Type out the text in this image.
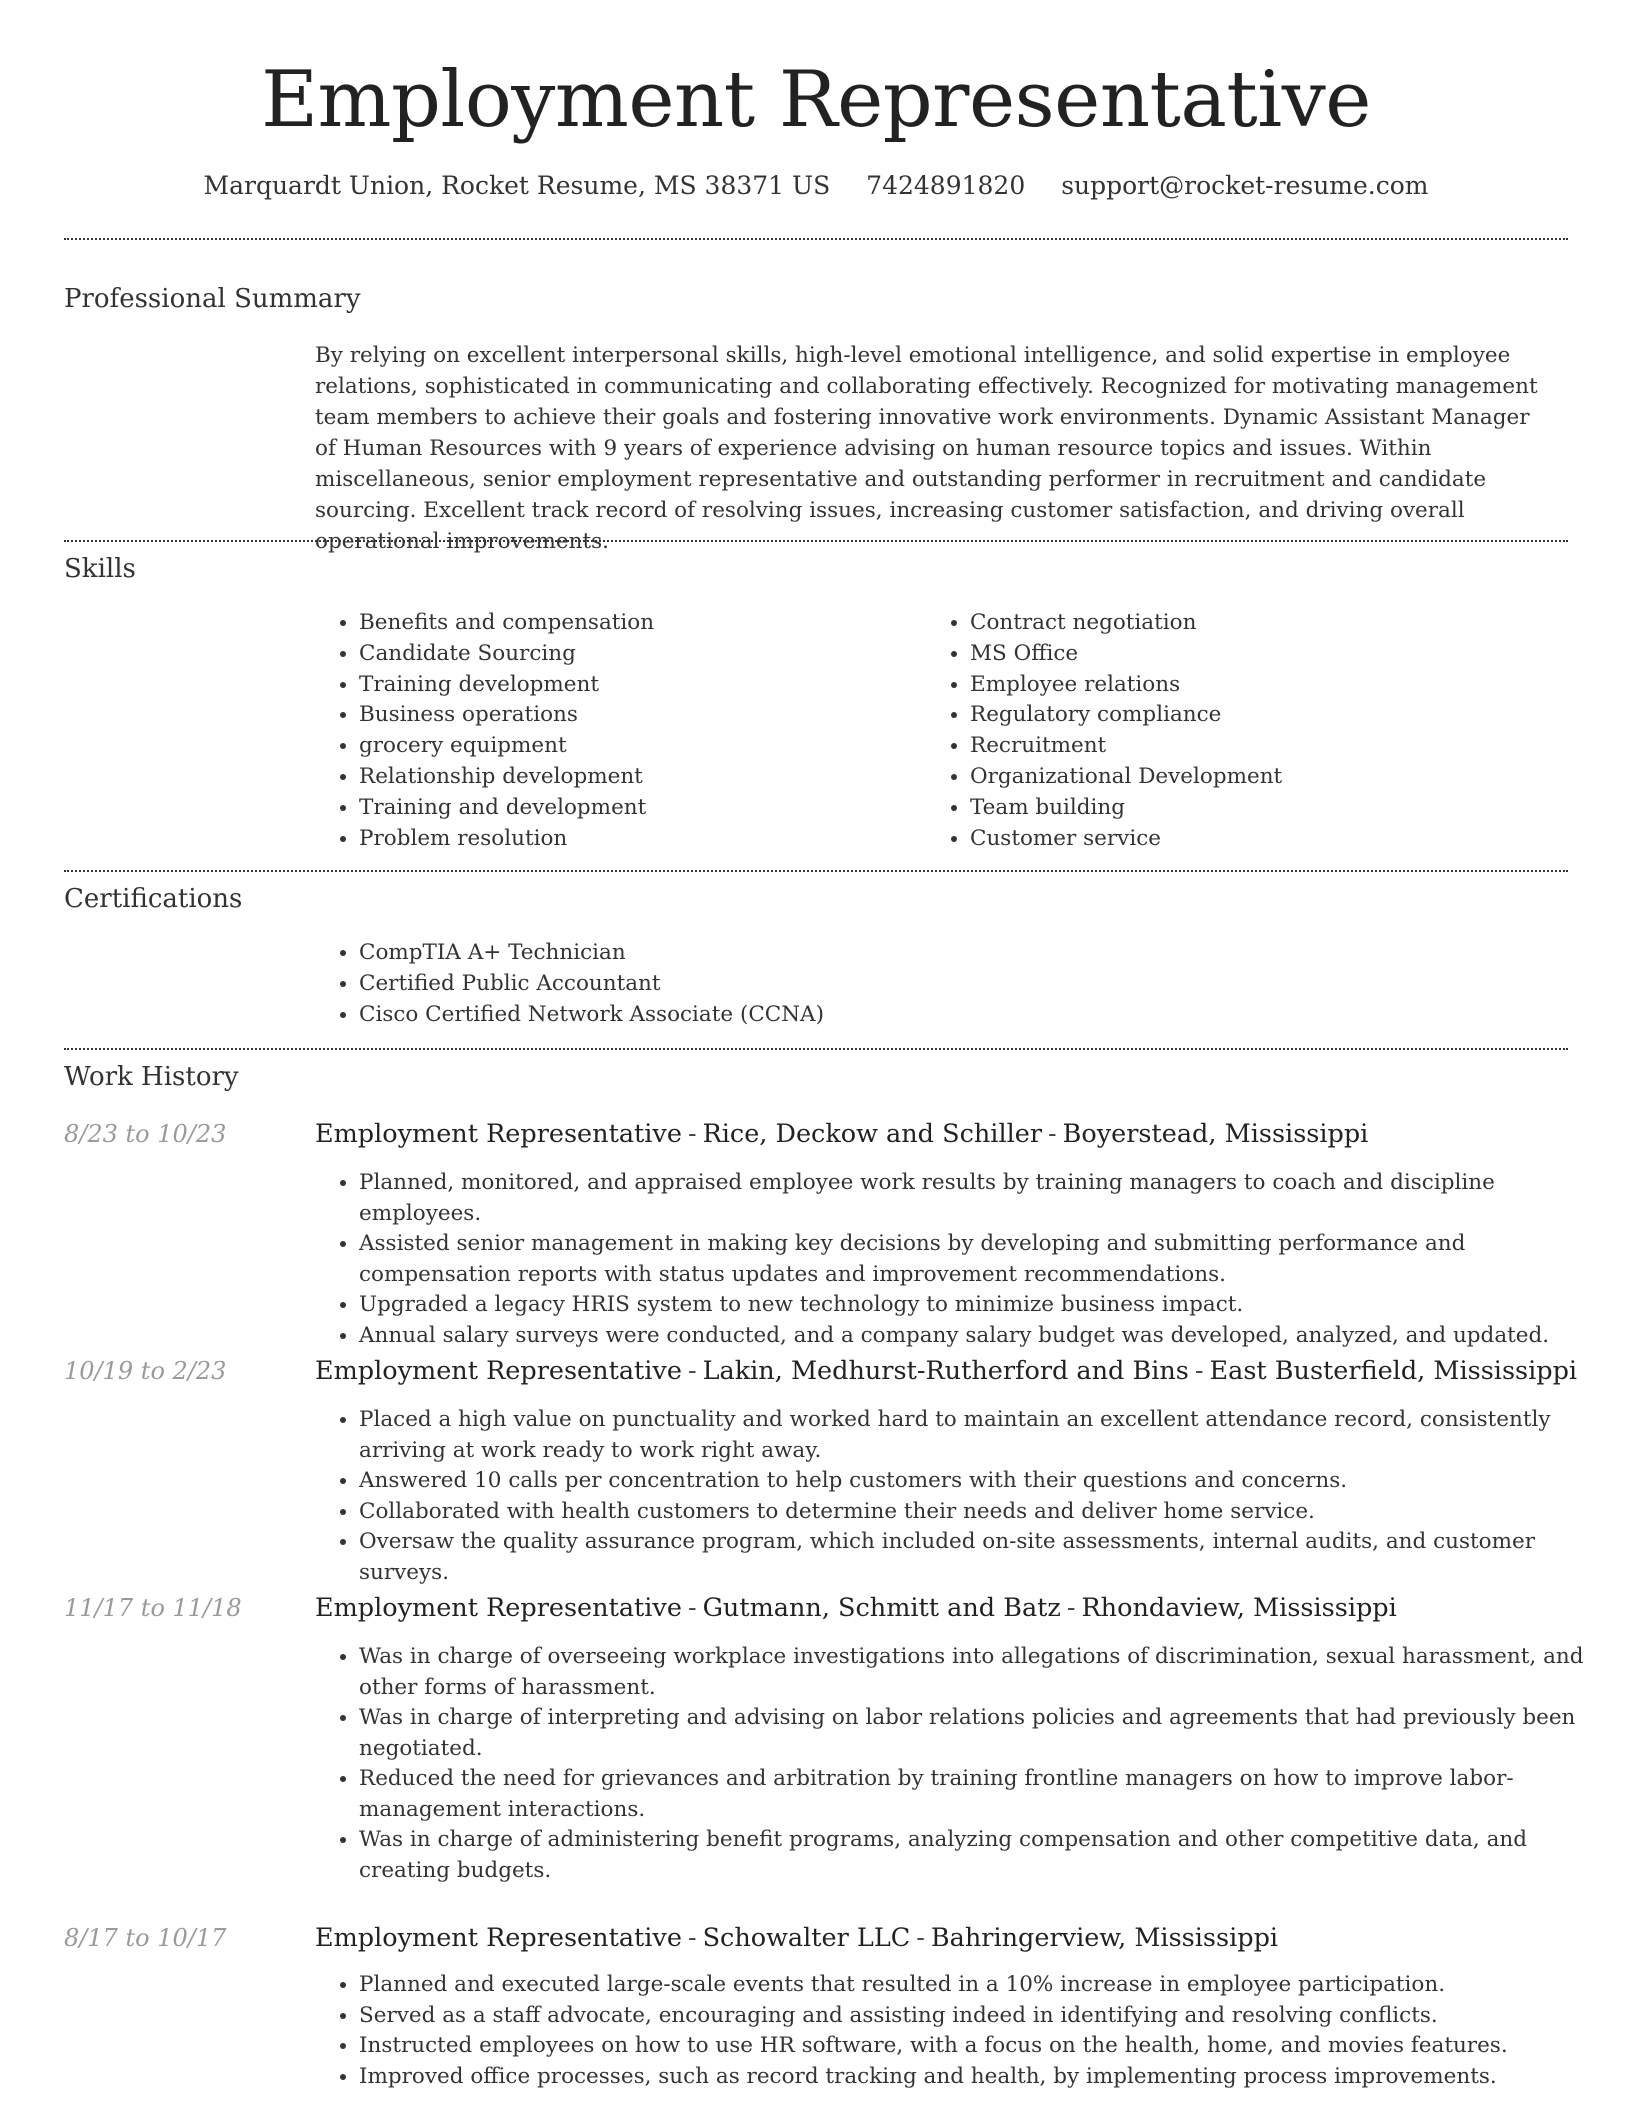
Employment Representative
Marquardt Union, Rocket Resume, MS 38371 US 7424891820 support@rocket-resume.com
Professional Summary
By relying on excellent interpersonal skills, high-level emotional intelligence, and solid expertise in employee relations, sophisticated in communicating and collaborating effectively. Recognized for motivating management team members to achieve their goals and fostering innovative work environments. Dynamic Assistant Manager of Human Resources with 9 years of experience advising on human resource topics and issues. Within miscellaneous, senior employment representative and outstanding performer in recruitment and candidate sourcing. Excellent track record of resolving issues, increasing customer satisfaction, and driving overall operational improvements.
Skills
• Benefits and compensation
• Candidate Sourcing
• Training development
• Business operations
• grocery equipment
• Relationship development
• Training and development
• Problem resolution
• Contract negotiation
• MS Office
• Employee relations
• Regulatory compliance
• Recruitment
• Organizational Development
• Team building
• Customer service
Certifications
• CompTIA A+ Technician
• Certified Public Accountant
• Cisco Certified Network Associate (CCNA)
Work History
8/23 to 10/23	Employment Representative - Rice, Deckow and Schiller - Boyerstead, Mississippi
• Planned, monitored, and appraised employee work results by training managers to coach and discipline employees.
• Assisted senior management in making key decisions by developing and submitting performance and compensation reports with status updates and improvement recommendations.
• Upgraded a legacy HRIS system to new technology to minimize business impact.
• Annual salary surveys were conducted, and a company salary budget was developed, analyzed, and updated.
10/19 to 2/23	Employment Representative - Lakin, Medhurst-Rutherford and Bins - East Busterfield, Mississippi
• Placed a high value on punctuality and worked hard to maintain an excellent attendance record, consistently arriving at work ready to work right away.
• Answered 10 calls per concentration to help customers with their questions and concerns.
• Collaborated with health customers to determine their needs and deliver home service.
• Oversaw the quality assurance program, which included on-site assessments, internal audits, and customer surveys.
11/17 to 11/18	Employment Representative - Gutmann, Schmitt and Batz - Rhondaview, Mississippi
• Was in charge of overseeing workplace investigations into allegations of discrimination, sexual harassment, and other forms of harassment.
• Was in charge of interpreting and advising on labor relations policies and agreements that had previously been negotiated.
• Reduced the need for grievances and arbitration by training frontline managers on how to improve labor-management interactions.
• Was in charge of administering benefit programs, analyzing compensation and other competitive data, and creating budgets.
8/17 to 10/17	Employment Representative - Schowalter LLC - Bahringerview, Mississippi
• Planned and executed large-scale events that resulted in a 10% increase in employee participation.
• Served as a staff advocate, encouraging and assisting indeed in identifying and resolving conflicts.
• Instructed employees on how to use HR software, with a focus on the health, home, and movies features.
• Improved office processes, such as record tracking and health, by implementing process improvements.
